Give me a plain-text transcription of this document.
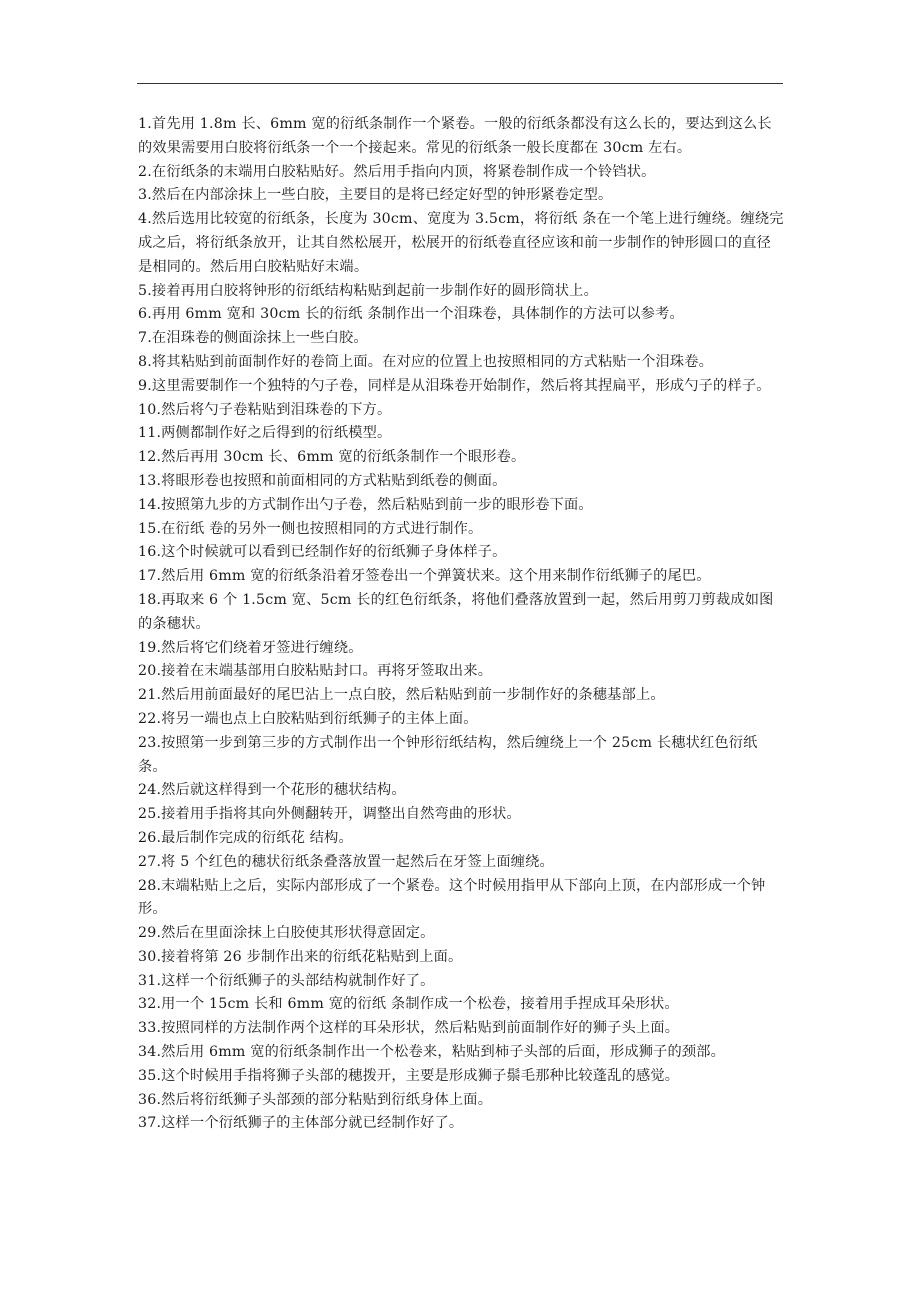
1.首先用 1.8m 长、6mm 宽的衍纸条制作一个紧卷。一般的衍纸条都没有这么长的，要达到这么长的效果需要用白胶将衍纸条一个一个接起来。常见的衍纸条一般长度都在 30cm 左右。

2.在衍纸条的末端用白胶粘贴好。然后用手指向内顶，将紧卷制作成一个铃铛状。

3.然后在内部涂抹上一些白胶，主要目的是将已经定好型的钟形紧卷定型。

4.然后选用比较宽的衍纸条，长度为 30cm、宽度为 3.5cm，将衍纸 条在一个笔上进行缠绕。缠绕完成之后，将衍纸条放开，让其自然松展开，松展开的衍纸卷直径应该和前一步制作的钟形圆口的直径是相同的。然后用白胶粘贴好末端。

5.接着再用白胶将钟形的衍纸结构粘贴到起前一步制作好的圆形筒状上。

6.再用 6mm 宽和 30cm 长的衍纸 条制作出一个泪珠卷，具体制作的方法可以参考。

7.在泪珠卷的侧面涂抹上一些白胶。

8.将其粘贴到前面制作好的卷筒上面。在对应的位置上也按照相同的方式粘贴一个泪珠卷。

9.这里需要制作一个独特的勺子卷，同样是从泪珠卷开始制作，然后将其捏扁平，形成勺子的样子。

10.然后将勺子卷粘贴到泪珠卷的下方。

11.两侧都制作好之后得到的衍纸模型。

12.然后再用 30cm 长、6mm 宽的衍纸条制作一个眼形卷。

13.将眼形卷也按照和前面相同的方式粘贴到纸卷的侧面。

14.按照第九步的方式制作出勺子卷，然后粘贴到前一步的眼形卷下面。

15.在衍纸 卷的另外一侧也按照相同的方式进行制作。

16.这个时候就可以看到已经制作好的衍纸狮子身体样子。

17.然后用 6mm 宽的衍纸条沿着牙签卷出一个弹簧状来。这个用来制作衍纸狮子的尾巴。

18.再取来 6 个 1.5cm 宽、5cm 长的红色衍纸条，将他们叠落放置到一起，然后用剪刀剪裁成如图的条穗状。

19.然后将它们绕着牙签进行缠绕。

20.接着在末端基部用白胶粘贴封口。再将牙签取出来。

21.然后用前面最好的尾巴沾上一点白胶，然后粘贴到前一步制作好的条穗基部上。

22.将另一端也点上白胶粘贴到衍纸狮子的主体上面。

23.按照第一步到第三步的方式制作出一个钟形衍纸结构，然后缠绕上一个 25cm 长穗状红色衍纸条。

24.然后就这样得到一个花形的穗状结构。

25.接着用手指将其向外侧翻转开，调整出自然弯曲的形状。

26.最后制作完成的衍纸花 结构。

27.将 5 个红色的穗状衍纸条叠落放置一起然后在牙签上面缠绕。

28.末端粘贴上之后，实际内部形成了一个紧卷。这个时候用指甲从下部向上顶，在内部形成一个钟形。

29.然后在里面涂抹上白胶使其形状得意固定。

30.接着将第 26 步制作出来的衍纸花粘贴到上面。

31.这样一个衍纸狮子的头部结构就制作好了。

32.用一个 15cm 长和 6mm 宽的衍纸 条制作成一个松卷，接着用手捏成耳朵形状。

33.按照同样的方法制作两个这样的耳朵形状，然后粘贴到前面制作好的狮子头上面。

34.然后用 6mm 宽的衍纸条制作出一个松卷来，粘贴到柿子头部的后面，形成狮子的颈部。

35.这个时候用手指将狮子头部的穗拨开，主要是形成狮子鬃毛那种比较蓬乱的感觉。

36.然后将衍纸狮子头部颈的部分粘贴到衍纸身体上面。

37.这样一个衍纸狮子的主体部分就已经制作好了。
